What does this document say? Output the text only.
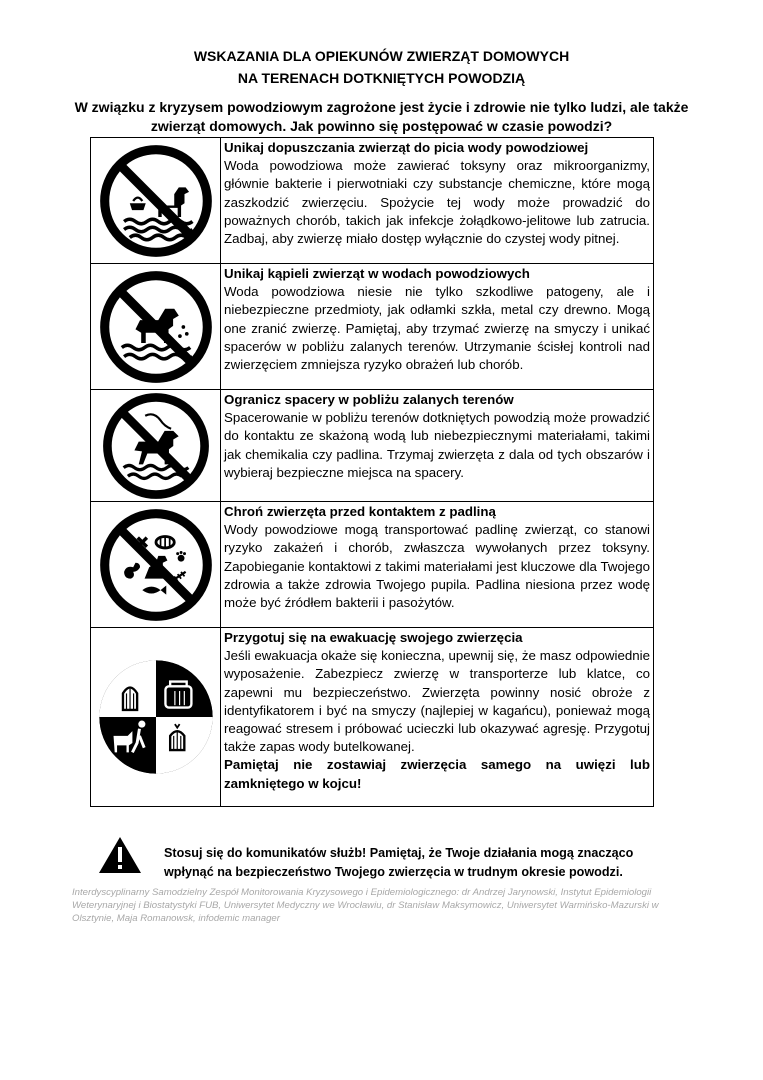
WSKAZANIA DLA OPIEKUNÓW ZWIERZĄT DOMOWYCH
NA TERENACH DOTKNIĘTYCH POWODZIĄ
W związku z kryzysem powodziowym zagrożone jest życie i zdrowie nie tylko ludzi, ale także zwierząt domowych. Jak powinno się postępować w czasie powodzi?

Unikaj dopuszczania zwierząt do picia wody powodziowej
Woda powodziowa może zawierać toksyny oraz mikroorganizmy, głównie bakterie i pierwotniaki czy substancje chemiczne, które mogą zaszkodzić zwierzęciu. Spożycie tej wody może prowadzić do poważnych chorób, takich jak infekcje żołądkowo-jelitowe lub zatrucia. Zadbaj, aby zwierzę miało dostęp wyłącznie do czystej wody pitnej.

Unikaj kąpieli zwierząt w wodach powodziowych
Woda powodziowa niesie nie tylko szkodliwe patogeny, ale i niebezpieczne przedmioty, jak odłamki szkła, metal czy drewno. Mogą one zranić zwierzę. Pamiętaj, aby trzymać zwierzę na smyczy i unikać spacerów w pobliżu zalanych terenów. Utrzymanie ścisłej kontroli nad zwierzęciem zmniejsza ryzyko obrażeń lub chorób.

Ogranicz spacery w pobliżu zalanych terenów
Spacerowanie w pobliżu terenów dotkniętych powodzią może prowadzić do kontaktu ze skażoną wodą lub niebezpiecznymi materiałami, takimi jak chemikalia czy padlina. Trzymaj zwierzęta z dala od tych obszarów i wybieraj bezpieczne miejsca na spacery.

Chroń zwierzęta przed kontaktem z padliną
Wody powodziowe mogą transportować padlinę zwierząt, co stanowi ryzyko zakażeń i chorób, zwłaszcza wywołanych przez toksyny. Zapobieganie kontaktowi z takimi materiałami jest kluczowe dla Twojego zdrowia a także zdrowia Twojego pupila. Padlina niesiona przez wodę może być źródłem bakterii i pasożytów.

Przygotuj się na ewakuację swojego zwierzęcia
Jeśli ewakuacja okaże się konieczna, upewnij się, że masz odpowiednie wyposażenie. Zabezpiecz zwierzę w transporterze lub klatce, co zapewni mu bezpieczeństwo. Zwierzęta powinny nosić obroże z identyfikatorem i być na smyczy (najlepiej w kagańcu), ponieważ mogą reagować stresem i próbować ucieczki lub okazywać agresję. Przygotuj także zapas wody butelkowanej.
Pamiętaj nie zostawiaj zwierzęcia samego na uwięzi lub zamkniętego w kojcu!
Stosuj się do komunikatów służb! Pamiętaj, że Twoje działania mogą znacząco wpłynąć na bezpieczeństwo Twojego zwierzęcia w trudnym okresie powodzi.
Interdyscyplinarny Samodzielny Zespół Monitorowania Kryzysowego i Epidemiologicznego: dr Andrzej Jarynowski, Instytut Epidemiologii Weterynaryjnej i Biostatystyki FUB, Uniwersytet Medyczny we Wrocławiu, dr Stanisław Maksymowicz, Uniwersytet Warmińsko-Mazurski w Olsztynie, Maja Romanowsk, infodemic manager
